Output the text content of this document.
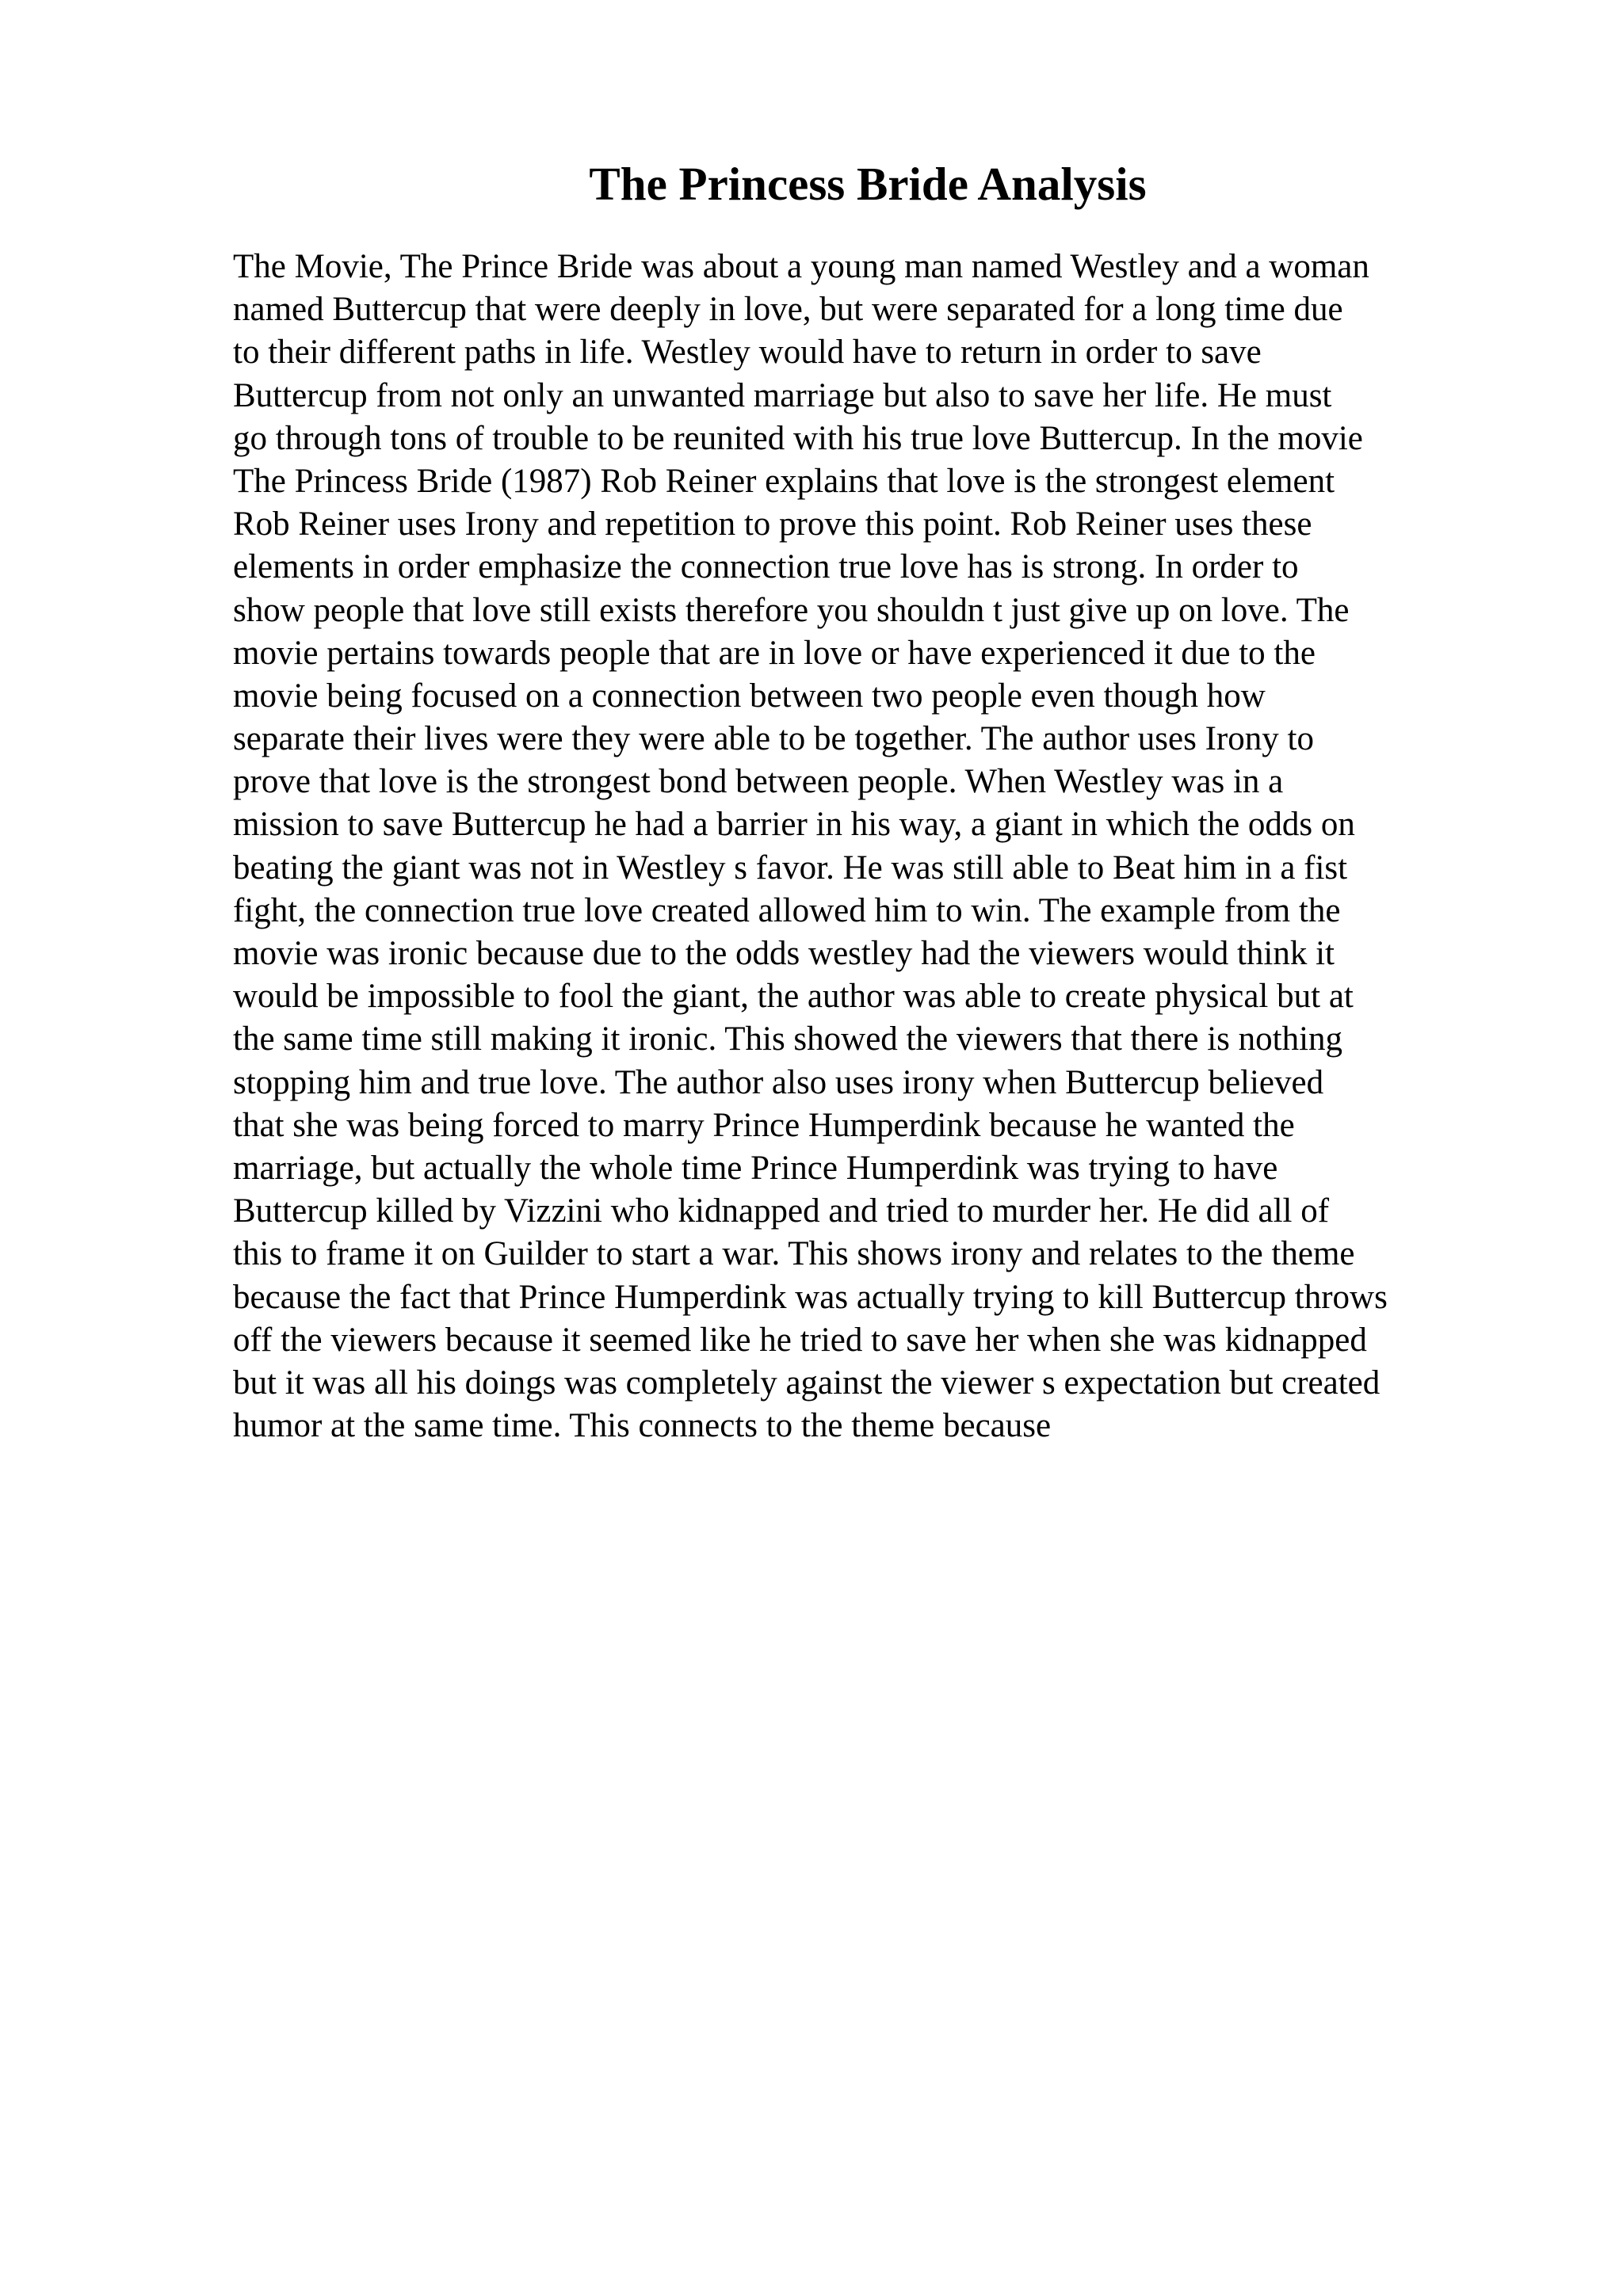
The Princess Bride Analysis
The Movie, The Prince Bride was about a young man named Westley and a woman
named Buttercup that were deeply in love, but were separated for a long time due
to their different paths in life. Westley would have to return in order to save
Buttercup from not only an unwanted marriage but also to save her life. He must
go through tons of trouble to be reunited with his true love Buttercup. In the movie
The Princess Bride (1987) Rob Reiner explains that love is the strongest element
Rob Reiner uses Irony and repetition to prove this point. Rob Reiner uses these
elements in order emphasize the connection true love has is strong. In order to
show people that love still exists therefore you shouldn t just give up on love. The
movie pertains towards people that are in love or have experienced it due to the
movie being focused on a connection between two people even though how
separate their lives were they were able to be together. The author uses Irony to
prove that love is the strongest bond between people. When Westley was in a
mission to save Buttercup he had a barrier in his way, a giant in which the odds on
beating the giant was not in Westley s favor. He was still able to Beat him in a fist
fight, the connection true love created allowed him to win. The example from the
movie was ironic because due to the odds westley had the viewers would think it
would be impossible to fool the giant, the author was able to create physical but at
the same time still making it ironic. This showed the viewers that there is nothing
stopping him and true love. The author also uses irony when Buttercup believed
that she was being forced to marry Prince Humperdink because he wanted the
marriage, but actually the whole time Prince Humperdink was trying to have
Buttercup killed by Vizzini who kidnapped and tried to murder her. He did all of
this to frame it on Guilder to start a war. This shows irony and relates to the theme
because the fact that Prince Humperdink was actually trying to kill Buttercup throws
off the viewers because it seemed like he tried to save her when she was kidnapped
but it was all his doings was completely against the viewer s expectation but created
humor at the same time. This connects to the theme because
